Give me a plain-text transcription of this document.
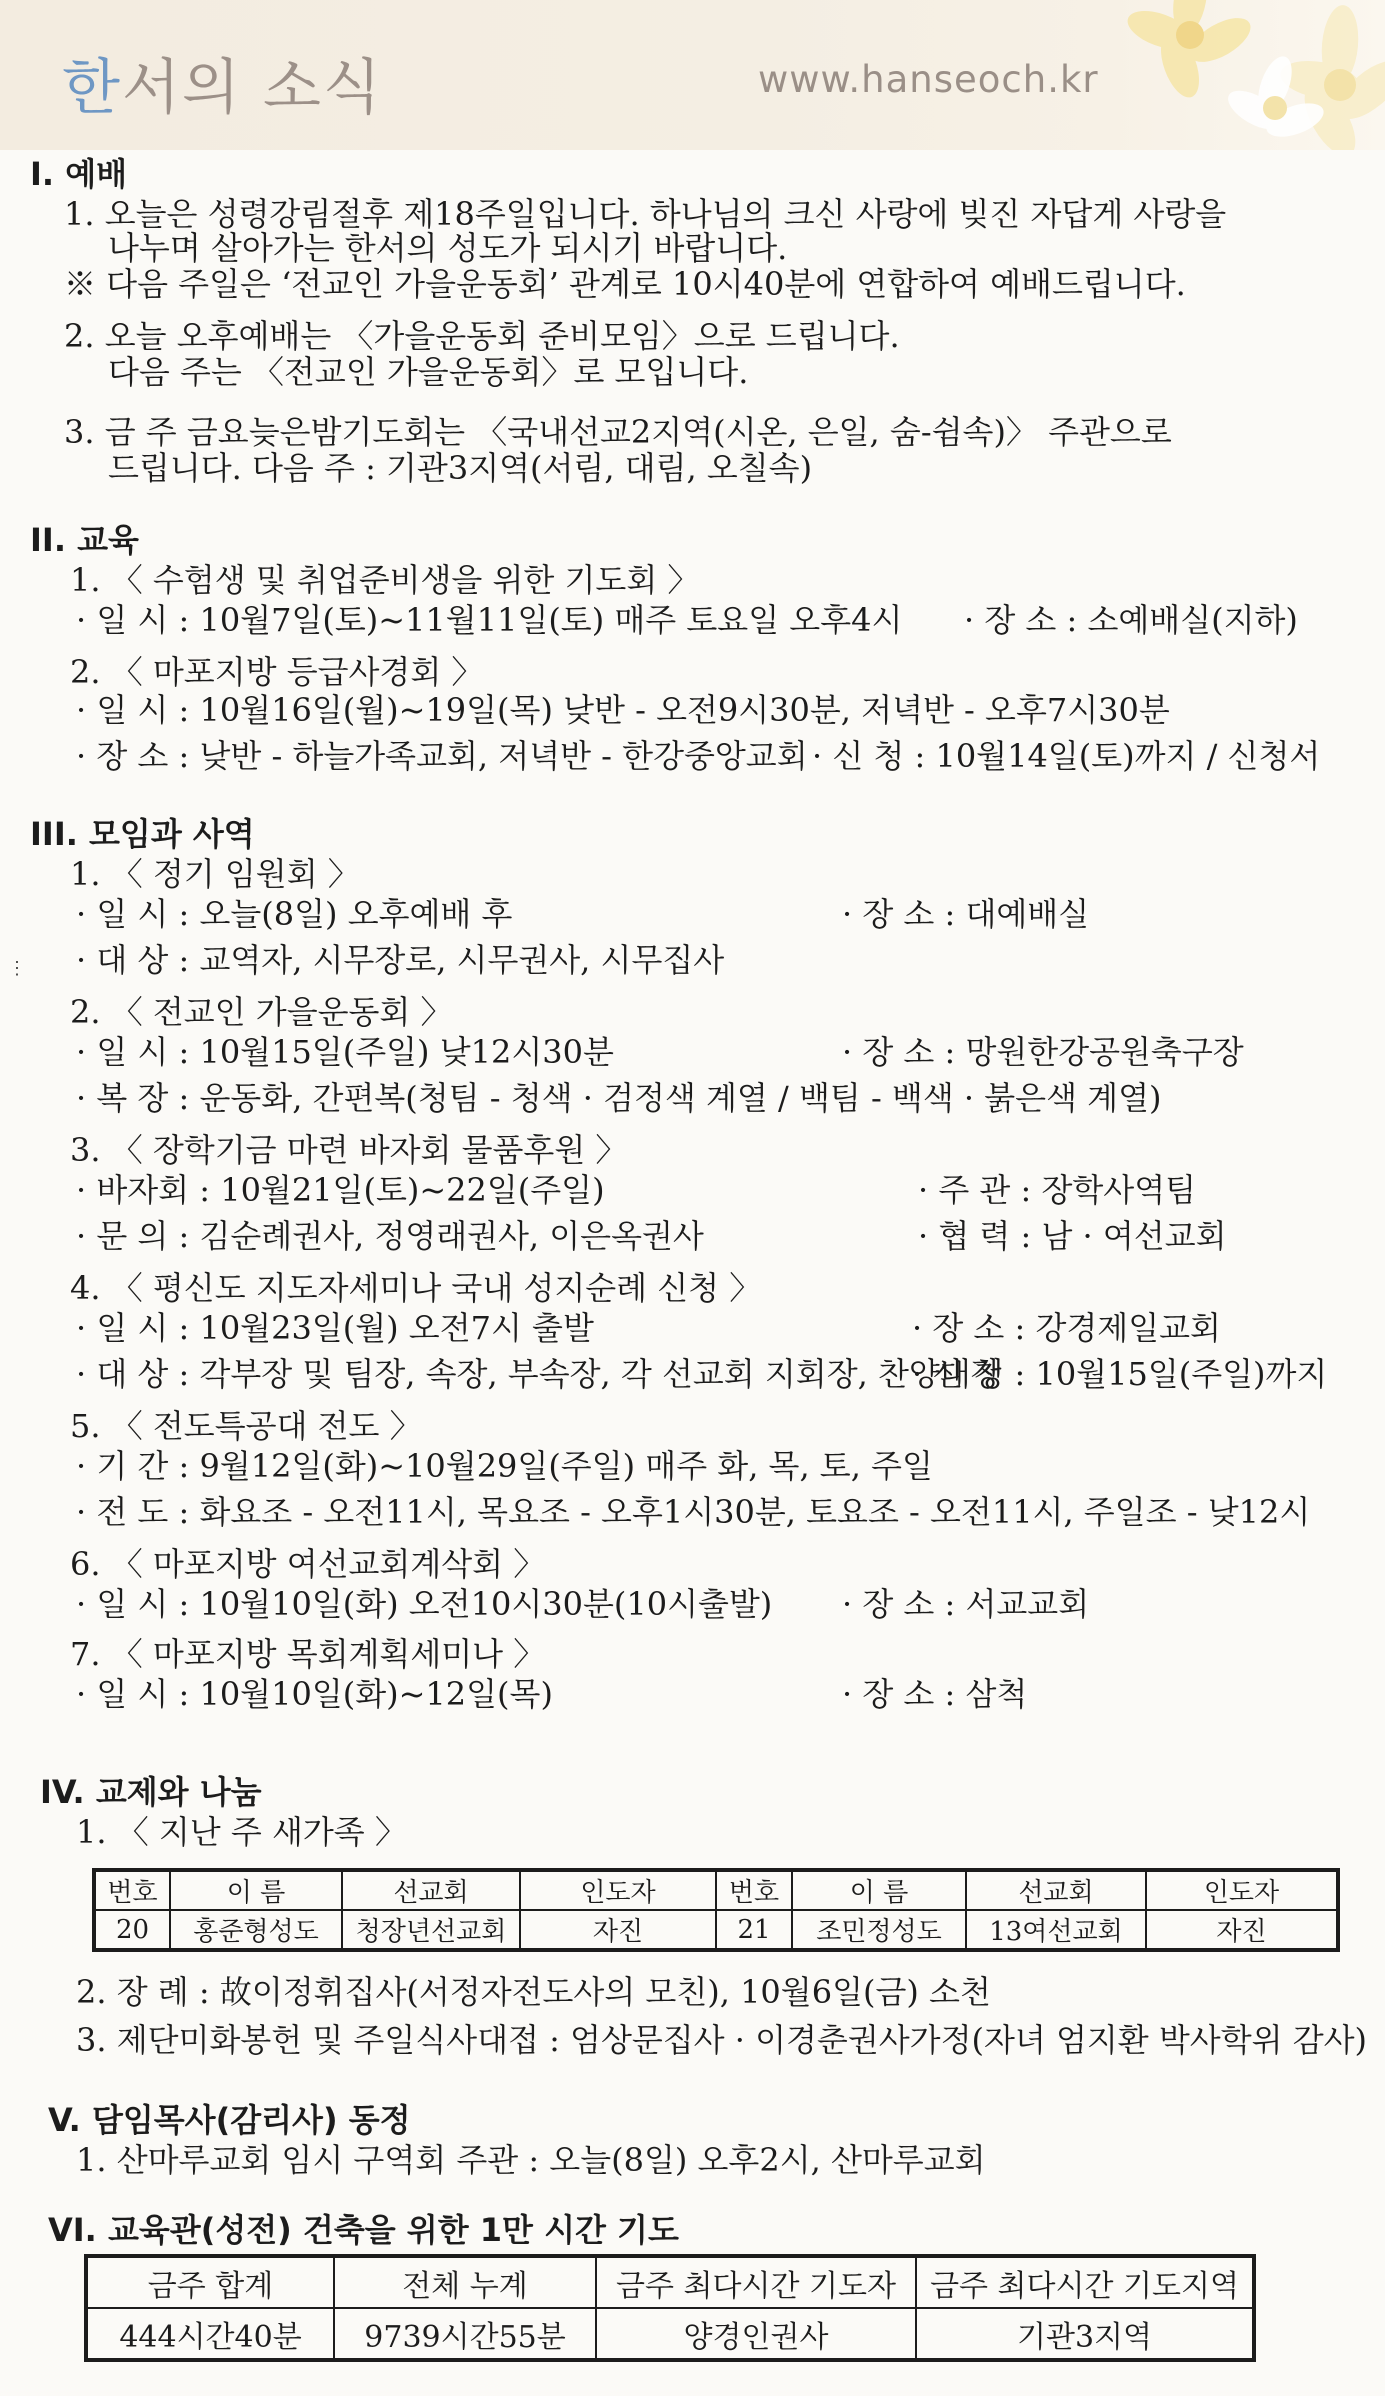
한서의 소식	www.hanseoch.kr
I. 예배
1. 오늘은 성령강림절후 제18주일입니다. 하나님의 크신 사랑에 빚진 자답게 사랑을
나누며 살아가는 한서의 성도가 되시기 바랍니다.
※ 다음 주일은 ‘전교인 가을운동회’ 관계로 10시40분에 연합하여 예배드립니다.
2. 오늘 오후예배는 〈가을운동회 준비모임〉으로 드립니다.
다음 주는 〈전교인 가을운동회〉로 모입니다.
3. 금 주 금요늦은밤기도회는 〈국내선교2지역(시온, 은일, 숨-쉼속)〉 주관으로
드립니다. 다음 주 : 기관3지역(서림, 대림, 오칠속)
II. 교육
1. 〈 수험생 및 취업준비생을 위한 기도회 〉
· 일 시 : 10월7일(토)~11월11일(토) 매주 토요일 오후4시 · 장 소 : 소예배실(지하)
2. 〈 마포지방 등급사경회 〉
· 일 시 : 10월16일(월)~19일(목) 낮반 - 오전9시30분, 저녁반 - 오후7시30분
· 장 소 : 낮반 - 하늘가족교회, 저녁반 - 한강중앙교회 · 신 청 : 10월14일(토)까지 / 신청서
III. 모임과 사역
1. 〈 정기 임원회 〉
· 일 시 : 오늘(8일) 오후예배 후	· 장 소 : 대예배실
· 대 상 : 교역자, 시무장로, 시무권사, 시무집사
⋮
2. 〈 전교인 가을운동회 〉
· 일 시 : 10월15일(주일) 낮12시30분	· 장 소 : 망원한강공원축구장
· 복 장 : 운동화, 간편복(청팀 - 청색 · 검정색 계열 / 백팀 - 백색 · 붉은색 계열)
3. 〈 장학기금 마련 바자회 물품후원 〉
· 바자회 : 10월21일(토)~22일(주일)	· 주 관 : 장학사역팀
· 문 의 : 김순례권사, 정영래권사, 이은옥권사	· 협 력 : 남 · 여선교회
4. 〈 평신도 지도자세미나 국내 성지순례 신청 〉
· 일 시 : 10월23일(월) 오전7시 출발	· 장 소 : 강경제일교회
· 대 상 : 각부장 및 팀장, 속장, 부속장, 각 선교회 지회장, 찬양대장
· 신 청 : 10월15일(주일)까지
5. 〈 전도특공대 전도 〉
· 기 간 : 9월12일(화)~10월29일(주일) 매주 화, 목, 토, 주일
· 전 도 : 화요조 - 오전11시, 목요조 - 오후1시30분, 토요조 - 오전11시, 주일조 - 낮12시
6. 〈 마포지방 여선교회계삭회 〉
· 일 시 : 10월10일(화) 오전10시30분(10시출발) · 장 소 : 서교교회
7. 〈 마포지방 목회계획세미나 〉
· 일 시 : 10월10일(화)~12일(목)	· 장 소 : 삼척
IV. 교제와 나눔
1. 〈 지난 주 새가족 〉
번호	이 름	선교회	인도자	번호	이 름	선교회	인도자
20	홍준형성도	청장년선교회	자진	21	조민정성도	13여선교회	자진
2. 장 례 : 故이정휘집사(서정자전도사의 모친), 10월6일(금) 소천
3. 제단미화봉헌 및 주일식사대접 : 엄상문집사 · 이경춘권사가정(자녀 엄지환 박사학위 감사)
V. 담임목사(감리사) 동정
1. 산마루교회 임시 구역회 주관 : 오늘(8일) 오후2시, 산마루교회
VI. 교육관(성전) 건축을 위한 1만 시간 기도
금주 합계	전체 누계	금주 최다시간 기도자	금주 최다시간 기도지역
444시간40분	9739시간55분	양경인권사	기관3지역
